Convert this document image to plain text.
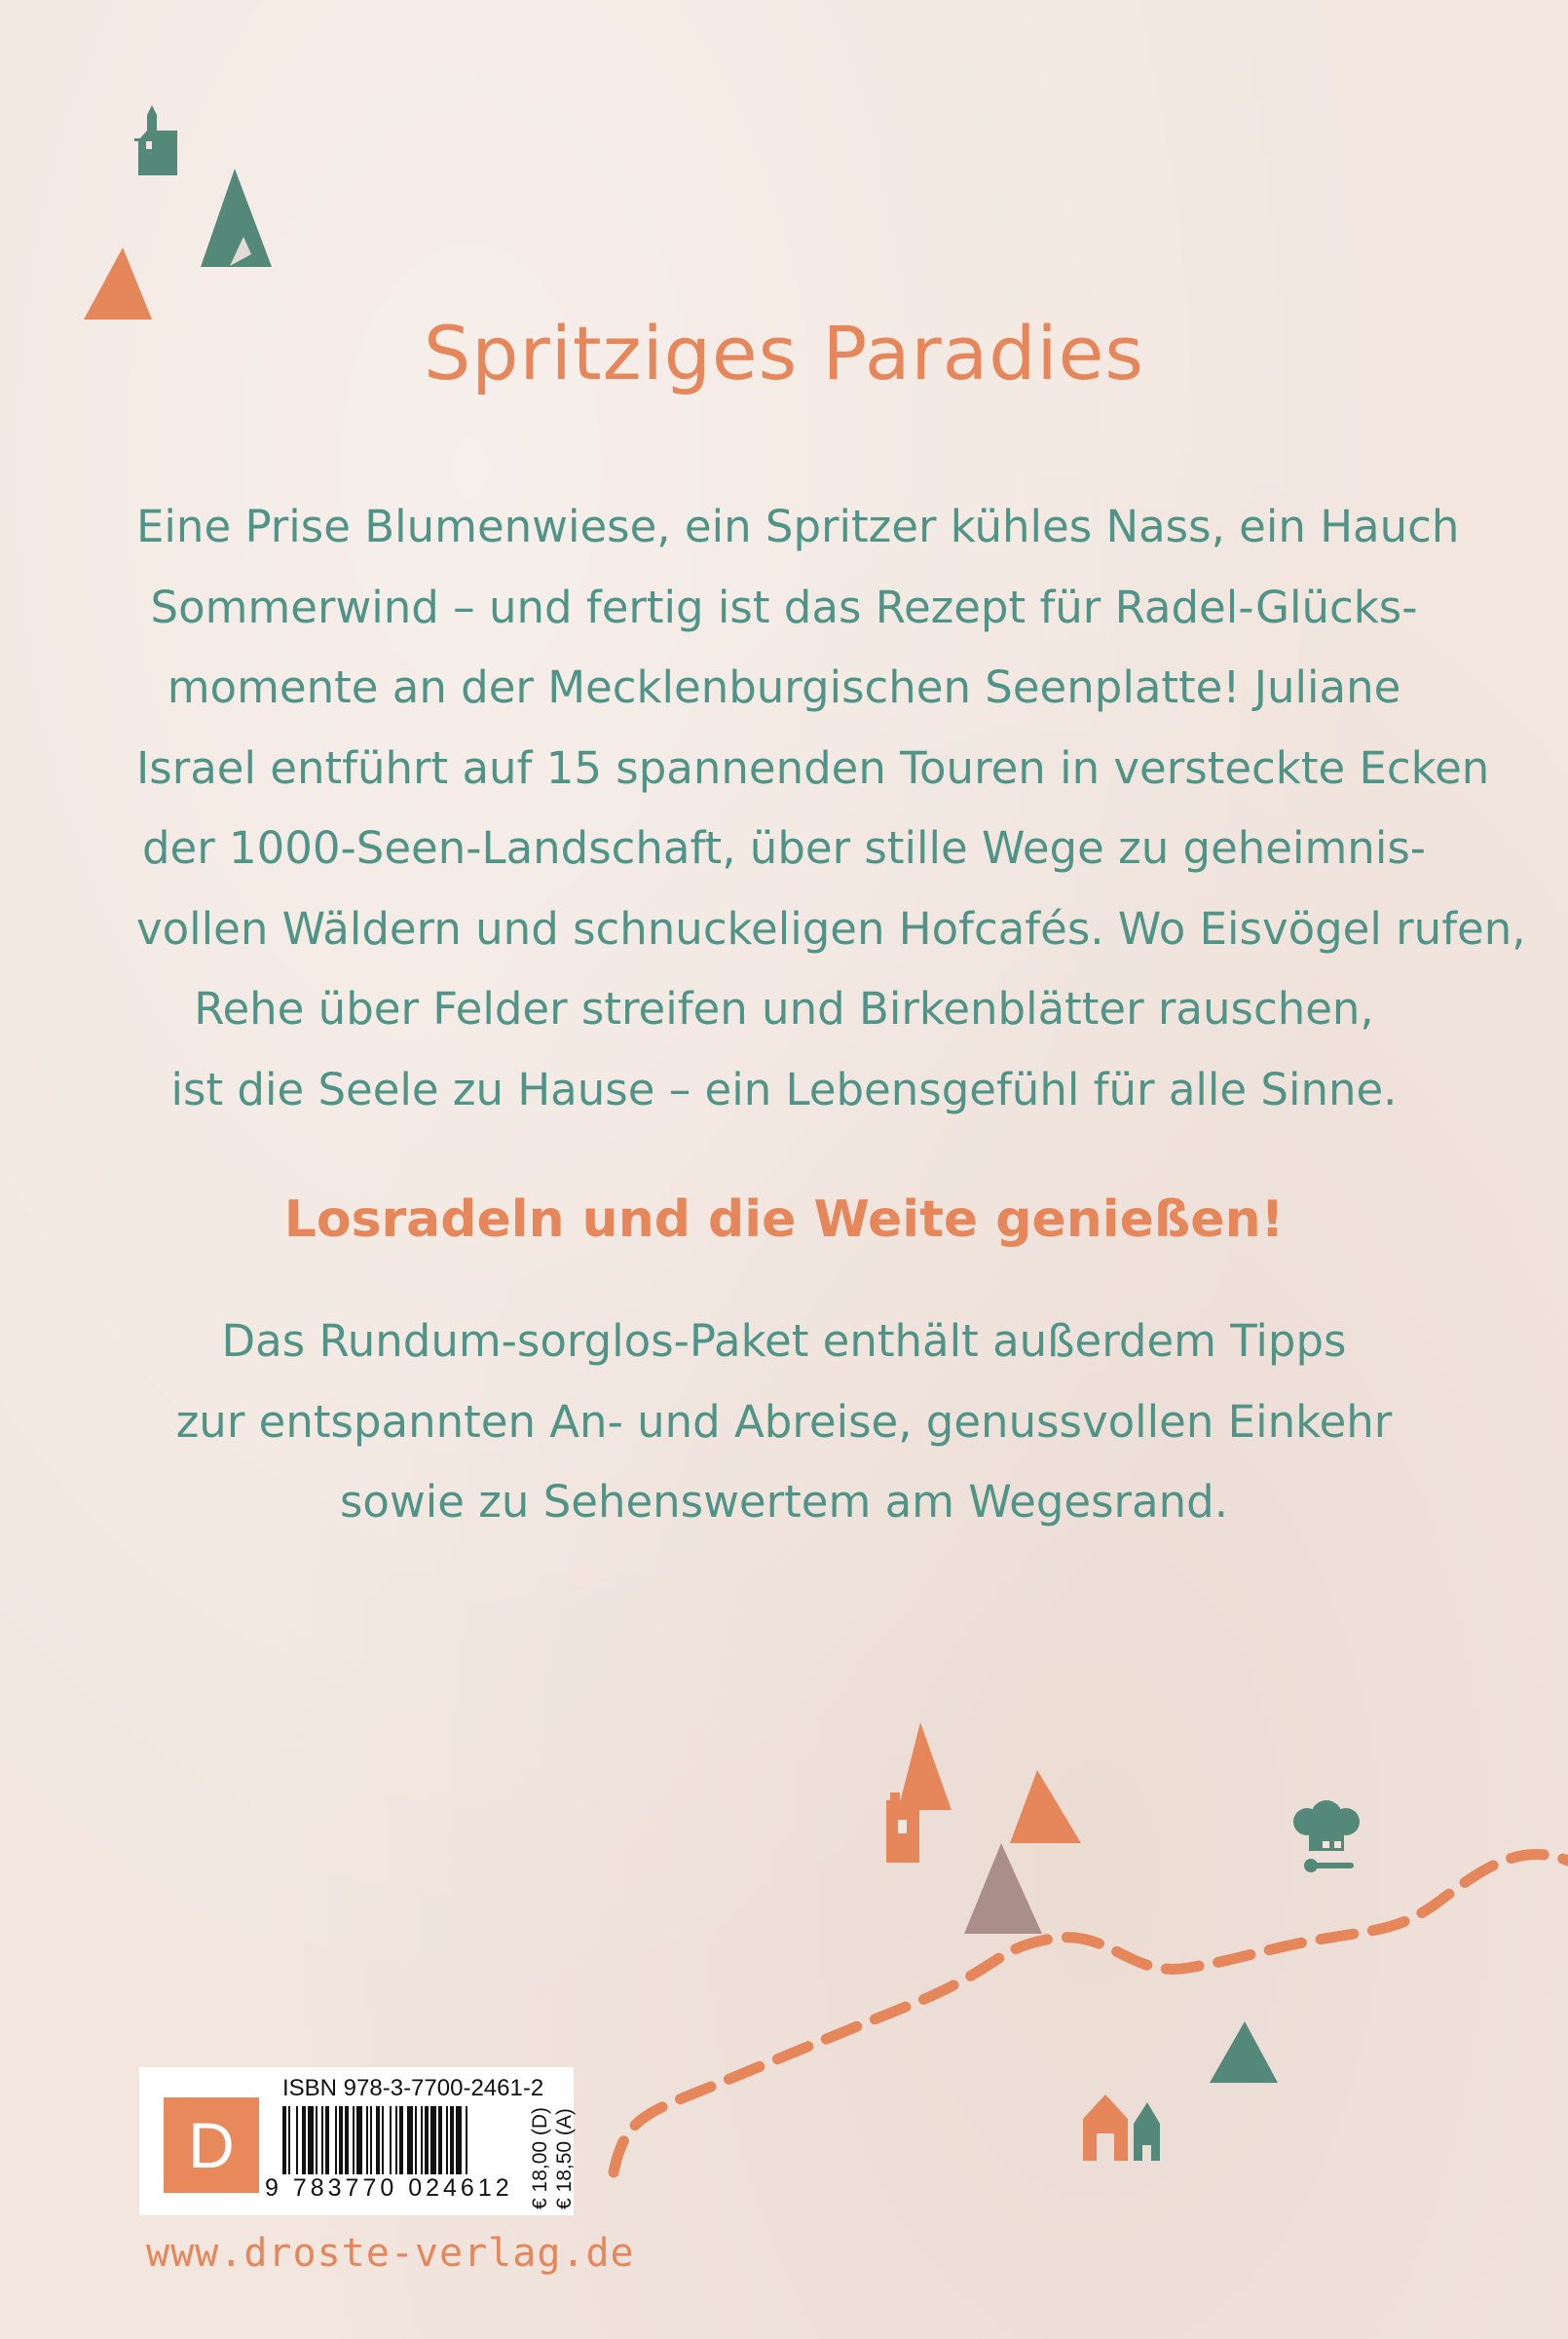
Spritziges Paradies
Eine Prise Blumenwiese, ein Spritzer kühles Nass, ein Hauch
Sommerwind – und fertig ist das Rezept für Radel-Glücks-
momente an der Mecklenburgischen Seenplatte! Juliane
Israel entführt auf 15 spannenden Touren in versteckte Ecken
der 1000-Seen-Landschaft, über stille Wege zu geheimnis-
vollen Wäldern und schnuckeligen Hofcafés. Wo Eisvögel rufen,
Rehe über Felder streifen und Birkenblätter rauschen,
ist die Seele zu Hause – ein Lebensgefühl für alle Sinne.
Losradeln und die Weite genießen!
Das Rundum-sorglos-Paket enthält außerdem Tipps
zur entspannten An- und Abreise, genussvollen Einkehr
sowie zu Sehenswertem am Wegesrand.
D
ISBN 978-3-7700-2461-2
9 783770 024612 € 18,00 (D) € 18,50 (A)
www.droste-verlag.de
